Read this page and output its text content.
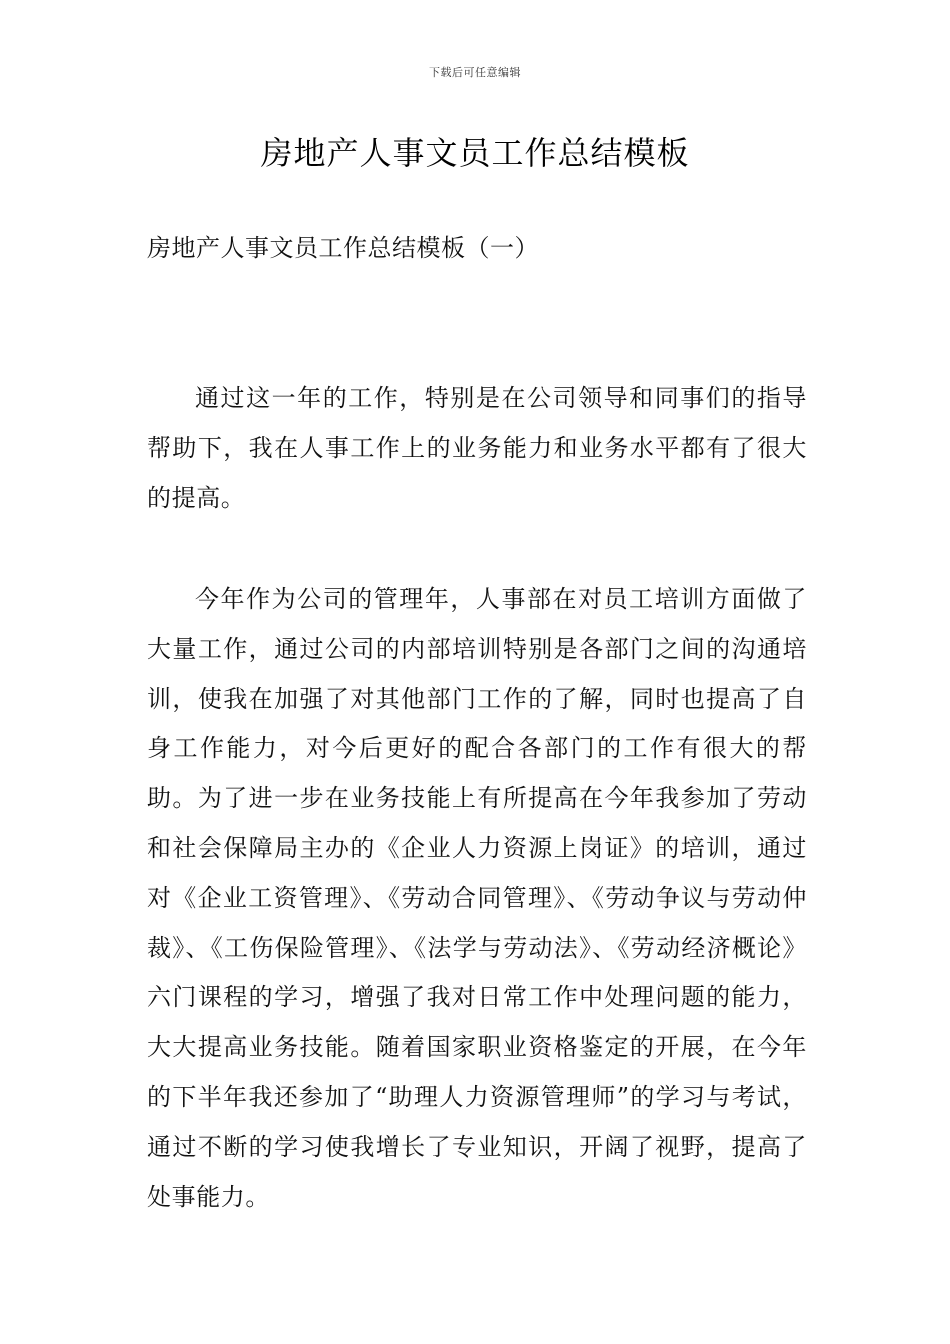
下载后可任意编辑
房地产人事文员工作总结模板

房地产人事文员工作总结模板（一）

通过这一年的工作，特别是在公司领导和同事们的指导帮助下，我在人事工作上的业务能力和业务水平都有了很大的提高。

今年作为公司的管理年，人事部在对员工培训方面做了大量工作，通过公司的内部培训特别是各部门之间的沟通培训，使我在加强了对其他部门工作的了解，同时也提高了自身工作能力，对今后更好的配合各部门的工作有很大的帮助。为了进一步在业务技能上有所提高在今年我参加了劳动和社会保障局主办的《企业人力资源上岗证》的培训，通过对《企业工资管理》、《劳动合同管理》、《劳动争议与劳动仲裁》、《工伤保险管理》、《法学与劳动法》、《劳动经济概论》六门课程的学习，增强了我对日常工作中处理问题的能力，大大提高业务技能。随着国家职业资格鉴定的开展，在今年的下半年我还参加了“助理人力资源管理师”的学习与考试，通过不断的学习使我增长了专业知识，开阔了视野，提高了处事能力。
